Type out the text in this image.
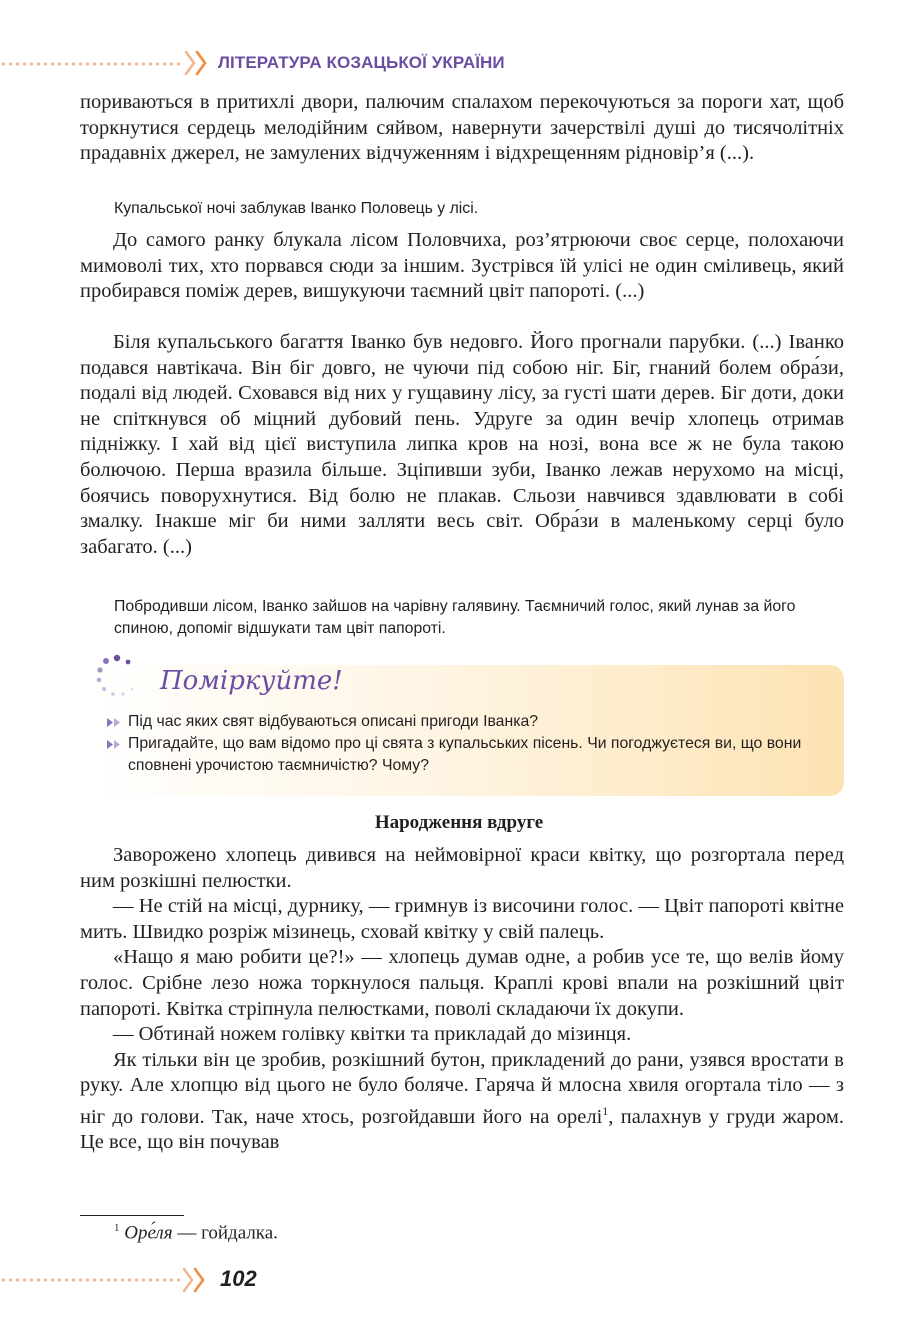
ЛІТЕРАТУРА КОЗАЦЬКОЇ УКРАЇНИ
пориваються в притихлі двори, палючим спалахом перекочуються за пороги хат, щоб торкнутися сердець мелодійним сяйвом, навернути зачерствілі душі до тисячолітніх прадавніх джерел, не замулених відчуженням і відхрещенням рідновір’я (...).
Купальської ночі заблукав Іванко Половець у лісі.
До самого ранку блукала лісом Половчиха, роз’ятрюючи своє серце, полохаючи мимоволі тих, хто порвався сюди за іншим. Зустрівся їй улісі не один сміливець, який пробирався поміж дерев, вишукуючи таємний цвіт папороті. (...)
Біля купальського багаття Іванко був недовго. Його прогнали парубки. (...) Іванко подався навтікача. Він біг довго, не чуючи під собою ніг. Біг, гнаний болем обра́зи, подалі від людей. Сховався від них у гущавину лісу, за густі шати дерев. Біг доти, доки не спіткнувся об міцний дубовий пень. Удруге за один вечір хлопець отримав підніжку. І хай від цієї виступила липка кров на нозі, вона все ж не була такою болючою. Перша вразила більше. Зціпивши зуби, Іванко лежав нерухомо на місці, боячись поворухнутися. Від болю не плакав. Сльози навчився здавлювати в собі змалку. Інакше міг би ними залляти весь світ. Обра́зи в маленькому серці було забагато. (...)
Побродивши лісом, Іванко зайшов на чарівну галявину. Таємничий голос, який лунав за його спиною, допоміг відшукати там цвіт папороті.
Поміркуйте!
Під час яких свят відбуваються описані пригоди Іванка?
Пригадайте, що вам відомо про ці свята з купальських пісень. Чи погоджуєтеся ви, що вони сповнені урочистою таємничістю? Чому?
Народження вдруге

Заворожено хлопець дивився на неймовірної краси квітку, що розгортала перед ним розкішні пелюстки.

— Не стій на місці, дурнику, — гримнув із височини голос. — Цвіт папороті квітне мить. Швидко розріж мізинець, сховай квітку у свій палець.

«Нащо я маю робити це?!» — хлопець думав одне, а робив усе те, що велів йому голос. Срібне лезо ножа торкнулося пальця. Краплі крові впали на розкішний цвіт папороті. Квітка стріпнула пелюстками, поволі складаючи їх докупи.

— Обтинай ножем голівку квітки та прикладай до мізинця.

Як тільки він це зробив, розкішний бутон, прикладений до рани, узявся вростати в руку. Але хлопцю від цього не було боляче. Гаряча й млосна хвиля огортала тіло — з ніг до голови. Так, наче хтось, розгойдавши його на орелі$^1$, палахнув у груди жаром. Це все, що він почував

$^1$ Оре́ля — гойдалка.
102
